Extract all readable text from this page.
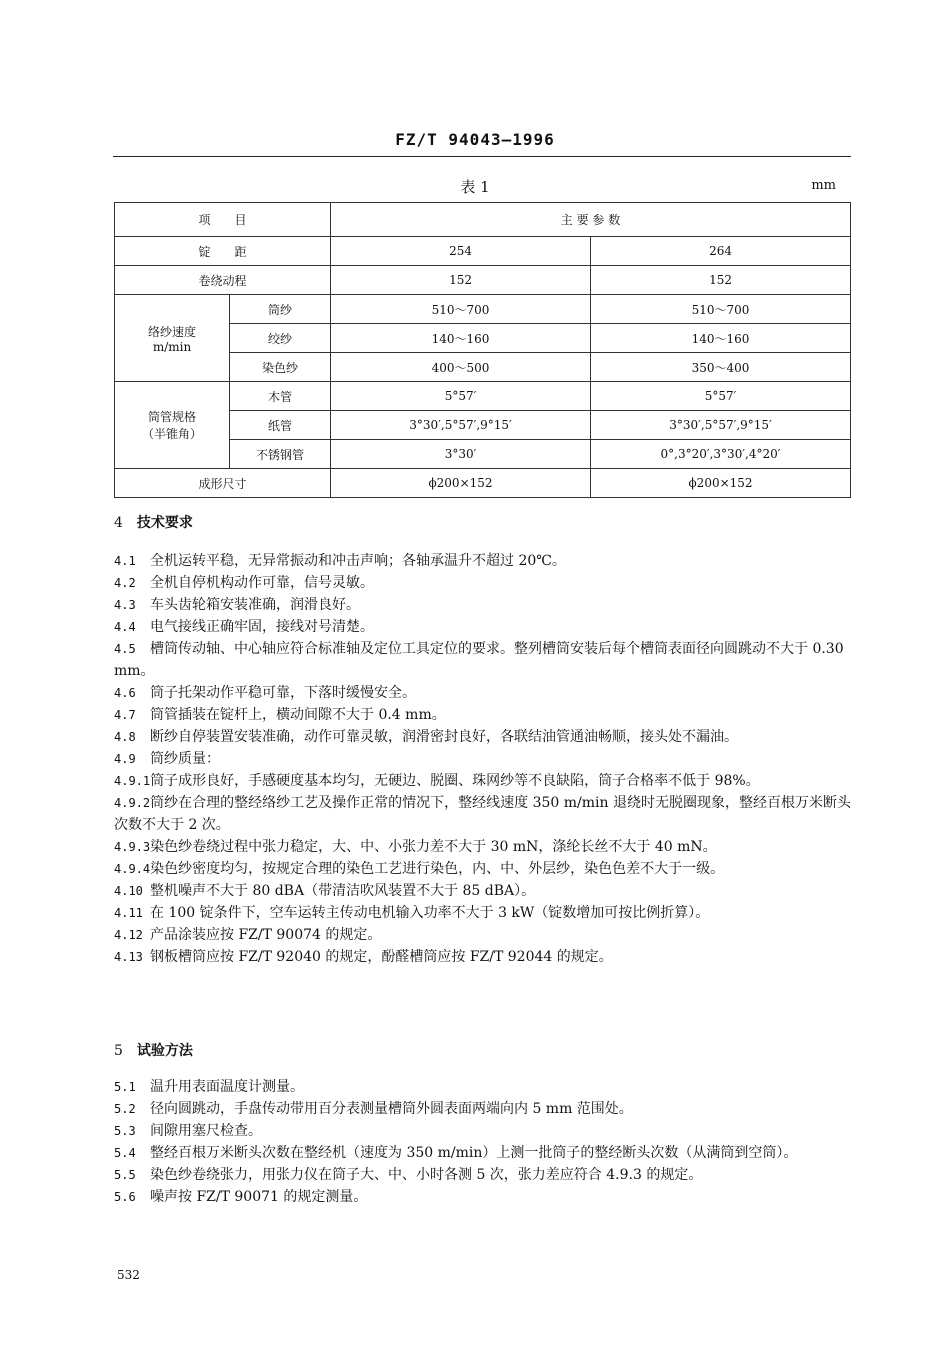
FZ/T 94043—1996
表 1	mm
项　　目		主 要 参 数	
锭　　距		254	264
卷绕动程		152	152

络纱速度
m/min	筒纱	510～700	510～700
	绞纱	140～160	140～160
	染色纱	400～500	350～400

筒管规格
（半锥角）	木管	5°57′	5°57′
	纸管	3°30′,5°57′,9°15′	3°30′,5°57′,9°15′
	不锈钢管	3°30′	0°,3°20′,3°30′,4°20′
成形尺寸		ϕ200×152	ϕ200×152
4 技术要求

4.1 全机运转平稳，无异常振动和冲击声响；各轴承温升不超过 20℃。

4.2 全机自停机构动作可靠，信号灵敏。

4.3 车头齿轮箱安装准确，润滑良好。

4.4 电气接线正确牢固，接线对号清楚。

4.5 槽筒传动轴、中心轴应符合标准轴及定位工具定位的要求。整列槽筒安装后每个槽筒表面径向圆跳动不大于 0.30 mm。

4.6 筒子托架动作平稳可靠，下落时缓慢安全。

4.7 筒管插装在锭杆上，横动间隙不大于 0.4 mm。

4.8 断纱自停装置安装准确，动作可靠灵敏，润滑密封良好，各联结油管通油畅顺，接头处不漏油。

4.9 筒纱质量：

4.9.1筒子成形良好，手感硬度基本均匀，无硬边、脱圈、珠网纱等不良缺陷，筒子合格率不低于 98%。

4.9.2筒纱在合理的整经络纱工艺及操作正常的情况下，整经线速度 350 m/min 退绕时无脱圈现象，整经百根万米断头次数不大于 2 次。

4.9.3染色纱卷绕过程中张力稳定，大、中、小张力差不大于 30 mN，涤纶长丝不大于 40 mN。

4.9.4染色纱密度均匀，按规定合理的染色工艺进行染色，内、中、外层纱，染色色差不大于一级。

4.10 整机噪声不大于 80 dBA（带清洁吹风装置不大于 85 dBA）。

4.11 在 100 锭条件下，空车运转主传动电机输入功率不大于 3 kW（锭数增加可按比例折算）。

4.12 产品涂装应按 FZ/T 90074 的规定。

4.13 钢板槽筒应按 FZ/T 92040 的规定，酚醛槽筒应按 FZ/T 92044 的规定。

5 试验方法

5.1 温升用表面温度计测量。

5.2 径向圆跳动，手盘传动带用百分表测量槽筒外圆表面两端向内 5 mm 范围处。

5.3 间隙用塞尺检查。

5.4 整经百根万米断头次数在整经机（速度为 350 m/min）上测一批筒子的整经断头次数（从满筒到空筒）。

5.5 染色纱卷绕张力，用张力仪在筒子大、中、小时各测 5 次，张力差应符合 4.9.3 的规定。

5.6 噪声按 FZ/T 90071 的规定测量。

532
